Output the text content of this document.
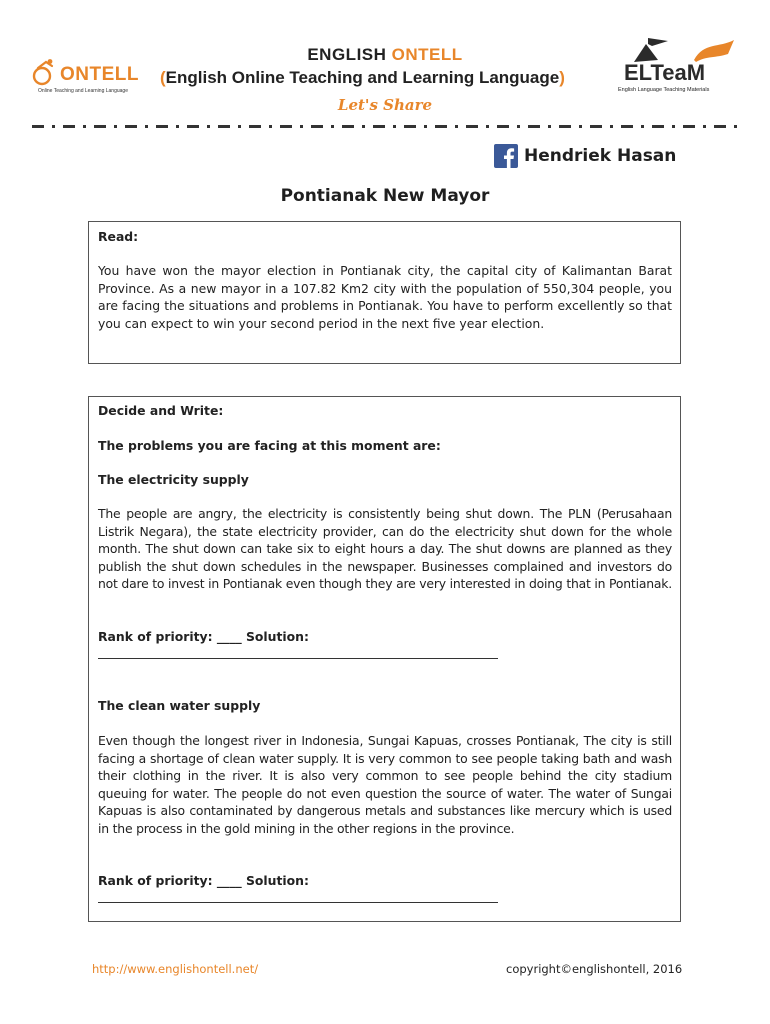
ONTELL
Online Teaching and Learning Language
ENGLISH ONTELL
(English Online Teaching and Learning Language)
Let's Share
ELTeaM
English Language Teaching Materials
Hendriek Hasan
Pontianak New Mayor
Read:
You have won the mayor election in Pontianak city, the capital city of Kalimantan Barat Province. As a new mayor in a 107.82 Km2 city with the population of 550,304 people, you are facing the situations and problems in Pontianak. You have to perform excellently so that you can expect to win your second period in the next five year election.
Decide and Write:
The problems you are facing at this moment are:
The electricity supply
The people are angry, the electricity is consistently being shut down. The PLN (Perusahaan Listrik Negara), the state electricity provider, can do the electricity shut down for the whole month. The shut down can take six to eight hours a day. The shut downs are planned as they publish the shut down schedules in the newspaper. Businesses complained and investors do not dare to invest in Pontianak even though they are very interested in doing that in Pontianak.
Rank of priority: ____ Solution:
The clean water supply
Even though the longest river in Indonesia, Sungai Kapuas, crosses Pontianak, The city is still facing a shortage of clean water supply. It is very common to see people taking bath and wash their clothing in the river. It is also very common to see people behind the city stadium queuing for water. The people do not even question the source of water. The water of Sungai Kapuas is also contaminated by dangerous metals and substances like mercury which is used in the process in the gold mining in the other regions in the province.
Rank of priority: ____ Solution:
http://www.englishontell.net/	copyright©englishontell, 2016
